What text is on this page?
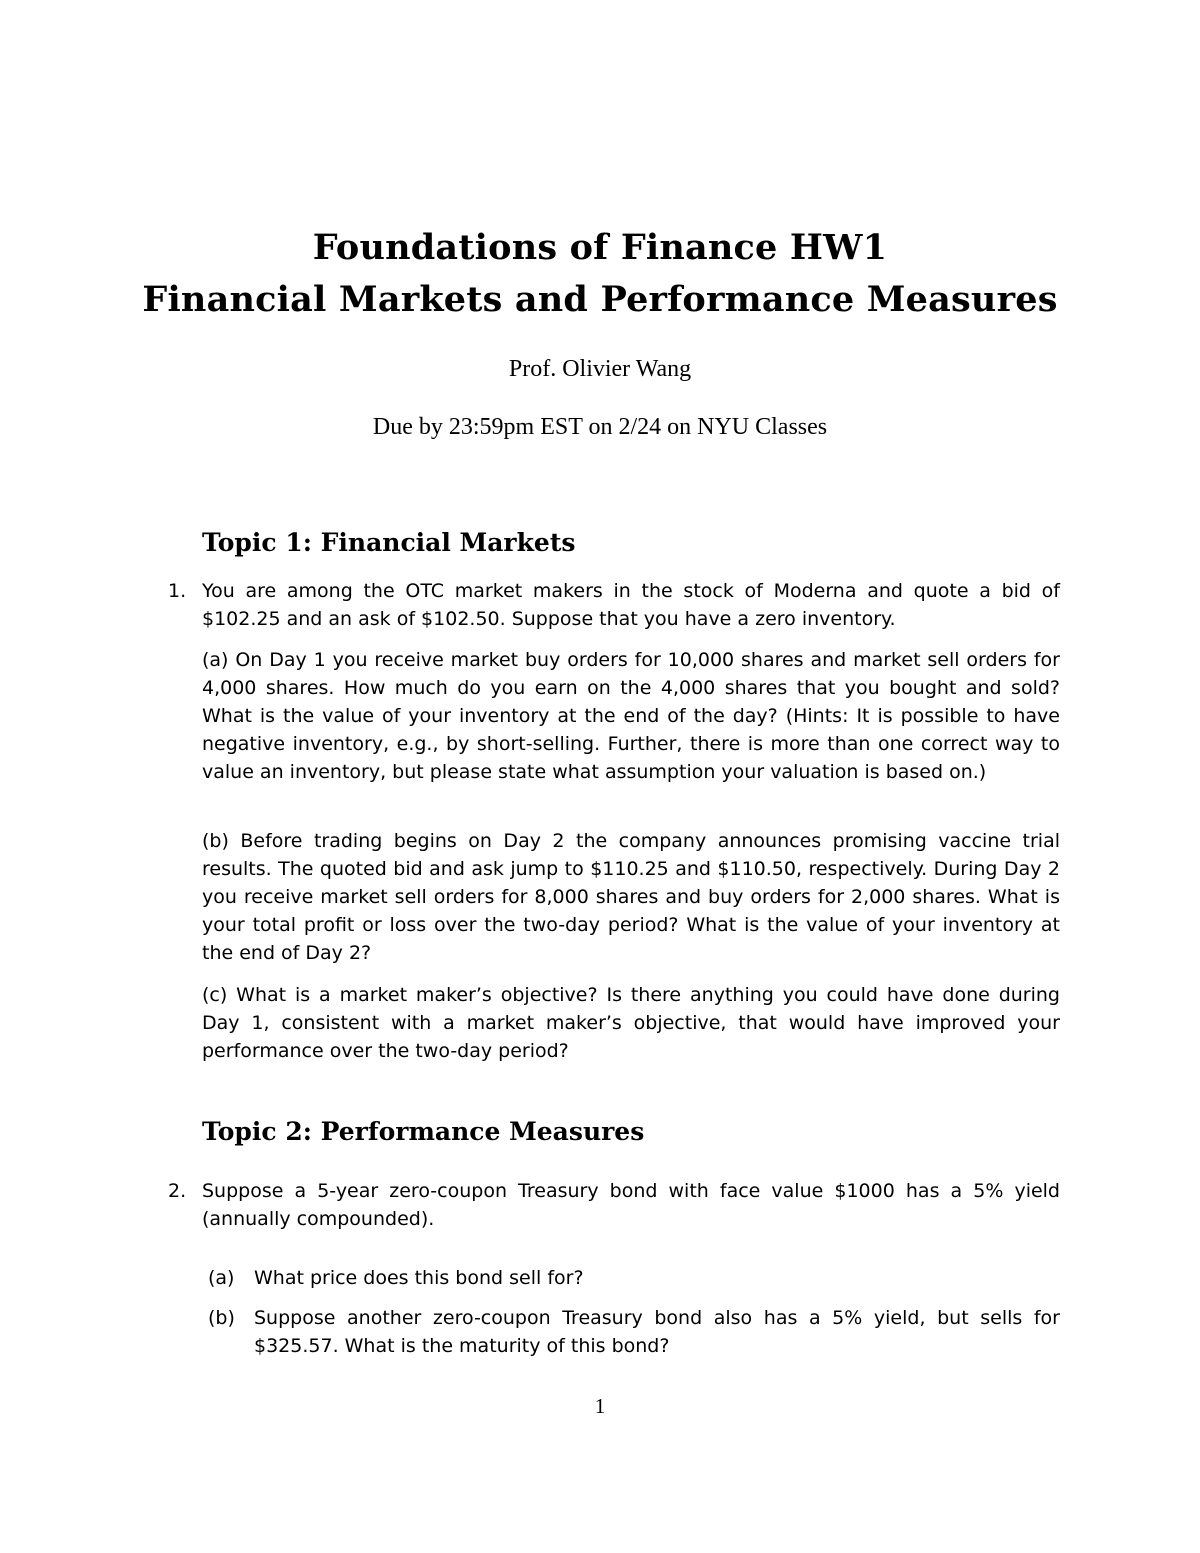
Foundations of Finance HW1
Financial Markets and Performance Measures
Prof. Olivier Wang
Due by 23:59pm EST on 2/24 on NYU Classes
Topic 1: Financial Markets
1. You are among the OTC market makers in the stock of Moderna and quote a bid of $102.25 and an ask of $102.50. Suppose that you have a zero inventory.
(a) On Day 1 you receive market buy orders for 10,000 shares and market sell orders for 4,000 shares. How much do you earn on the 4,000 shares that you bought and sold? What is the value of your inventory at the end of the day? (Hints: It is possible to have negative inventory, e.g., by short-selling. Further, there is more than one correct way to value an inventory, but please state what assumption your valuation is based on.)
(b) Before trading begins on Day 2 the company announces promising vaccine trial results. The quoted bid and ask jump to $110.25 and $110.50, respectively. During Day 2 you receive market sell orders for 8,000 shares and buy orders for 2,000 shares. What is your total profit or loss over the two-day period? What is the value of your inventory at the end of Day 2?
(c) What is a market maker’s objective? Is there anything you could have done during Day 1, consistent with a market maker’s objective, that would have improved your performance over the two-day period?
Topic 2: Performance Measures
2. Suppose a 5-year zero-coupon Treasury bond with face value $1000 has a 5% yield (annually compounded).
(a)	What price does this bond sell for?
(b)	Suppose another zero-coupon Treasury bond also has a 5% yield, but sells for $325.57. What is the maturity of this bond?
1
